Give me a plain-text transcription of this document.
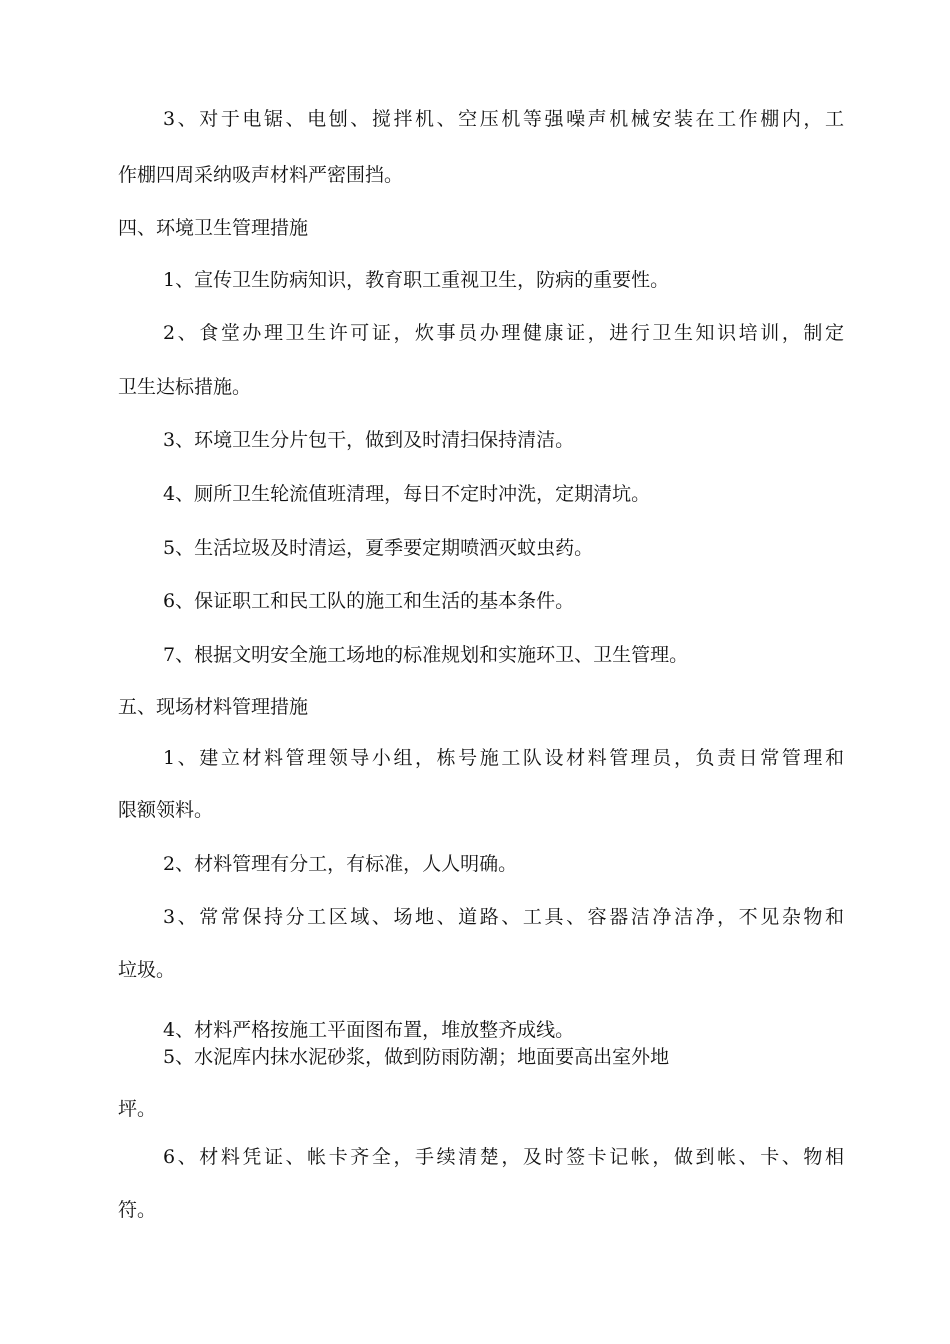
3、对于电锯、电刨、搅拌机、空压机等强噪声机械安装在工作棚内，工
作棚四周采纳吸声材料严密围挡。
四、环境卫生管理措施
1、宣传卫生防病知识，教育职工重视卫生，防病的重要性。
2、食堂办理卫生许可证，炊事员办理健康证，进行卫生知识培训，制定
卫生达标措施。
3、环境卫生分片包干，做到及时清扫保持清洁。
4、厕所卫生轮流值班清理，每日不定时冲洗，定期清坑。
5、生活垃圾及时清运，夏季要定期喷洒灭蚊虫药。
6、保证职工和民工队的施工和生活的基本条件。
7、根据文明安全施工场地的标准规划和实施环卫、卫生管理。
五、现场材料管理措施
1、建立材料管理领导小组，栋号施工队设材料管理员，负责日常管理和
限额领料。
2、材料管理有分工，有标准，人人明确。
3、常常保持分工区域、场地、道路、工具、容器洁净洁净，不见杂物和
垃圾。
4、材料严格按施工平面图布置，堆放整齐成线。
5、水泥库内抹水泥砂浆，做到防雨防潮；地面要高出室外地
坪。
6、材料凭证、帐卡齐全，手续清楚，及时签卡记帐，做到帐、卡、物相
符。
